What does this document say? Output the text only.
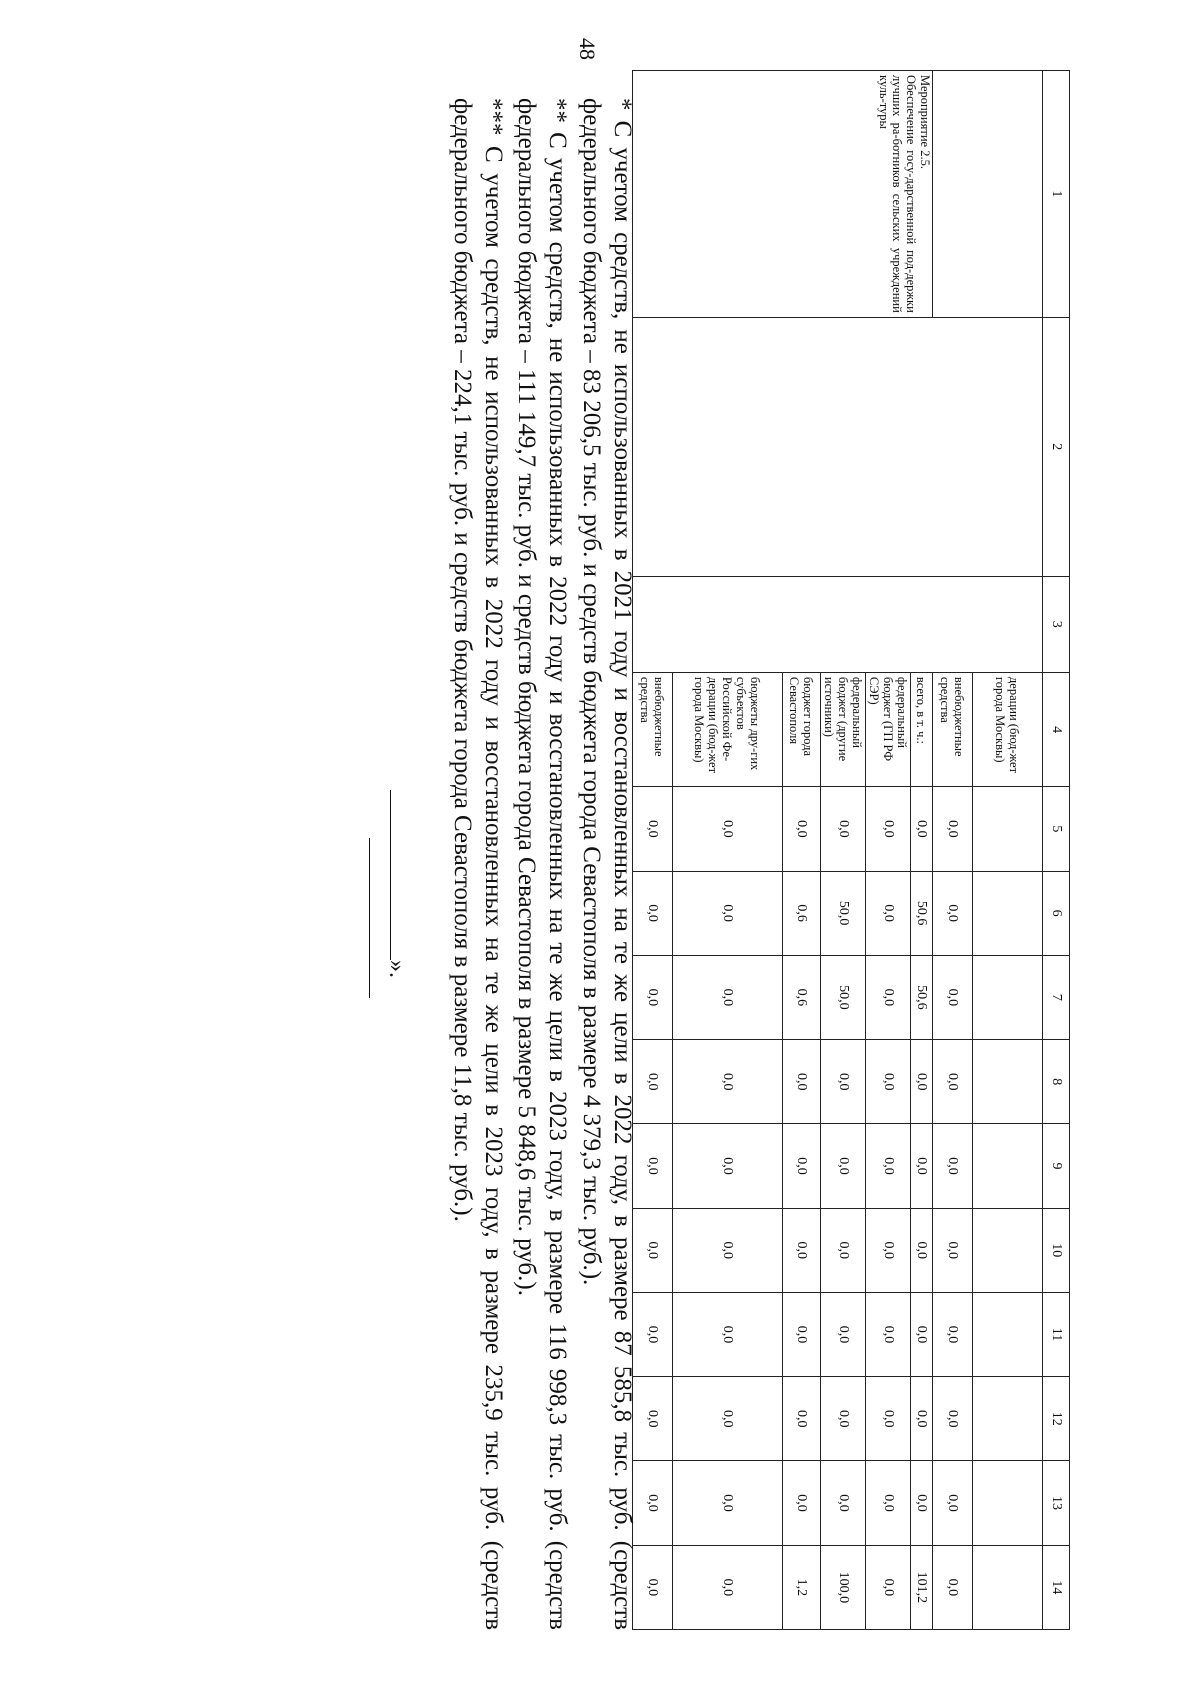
48
1	2	3	4	5	6	7	8	9	10	11	12	13	14
			дерации (бюд-жет города Москвы)										
			внебюджетные средства	0,0	0,0	0,0	0,0	0,0	0,0	0,0	0,0	0,0	0,0

Мероприятие 2.5.
Обеспечение госу-дарственной под-держки лучших ра-ботников сельских учреждений куль-туры			всего, в т. ч.:	0,0	50,6	50,6	0,0	0,0	0,0	0,0	0,0	0,0	101,2
			федеральный бюджет (ГП РФ СЭР)	0,0	0,0	0,0	0,0	0,0	0,0	0,0	0,0	0,0	0,0
			федеральный бюджет (другие источники)	0,0	50,0	50,0	0,0	0,0	0,0	0,0	0,0	0,0	100,0
			бюджет города Севастополя	0,0	0,6	0,6	0,0	0,0	0,0	0,0	0,0	0,0	1,2
			бюджеты дру-гих субъектов Российской Фе-дерации (бюд-жет города Москвы)	0,0	0,0	0,0	0,0	0,0	0,0	0,0	0,0	0,0	0,0
			внебюджетные средства	0,0	0,0	0,0	0,0	0,0	0,0	0,0	0,0	0,0	0,0

* С учетом средств, не использованных в 2021 году и восстановленных на те же цели в 2022 году, в размере 87 585,8 тыс. руб. (средств федерального бюджета – 83 206,5 тыс. руб. и средств бюджета города Севастополя в размере 4 379,3 тыс. руб.).

** С учетом средств, не использованных в 2022 году и восстановленных на те же цели в 2023 году, в размере 116 998,3 тыс. руб. (средств федерального бюджета – 111 149,7 тыс. руб. и средств бюджета города Севастополя в размере 5 848,6 тыс. руб.).

*** С учетом средств, не использованных в 2022 году и восстановленных на те же цели в 2023 году, в размере 235,9 тыс. руб. (средств федерального бюджета – 224,1 тыс. руб. и средств бюджета города Севастополя в размере 11,8 тыс. руб.).

».
